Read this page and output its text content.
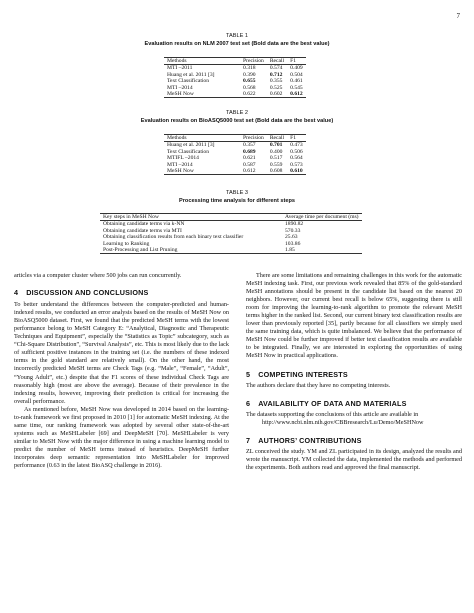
7
TABLE 1
Evaluation results on NLM 2007 test set (Bold data are the best value)
Methods	Precision	Recall	F1
MTI –2011	0.318	0.574	0.409
Huang et al. 2011 [3]	0.390	0.712	0.504
Text Classification	0.655	0.355	0.461
MTI –2014	0.568	0.525	0.545
MeSH Now	0.622	0.602	0.612
TABLE 2
Evaluation results on BioASQ5000 test set (Bold data are the best value)
Methods	Precision	Recall	F1
Huang et al. 2011 [3]	0.357	0.701	0.473
Text Classification	0.689	0.400	0.506
MTIFL –2014	0.621	0.517	0.564
MTI –2014	0.587	0.559	0.573
MeSH Now	0.612	0.608	0.610
TABLE 3
Processing time analysis for different steps
Key steps in MeSH Now	Average time per document (ms)
Obtaining candidate terms via k-NN	1890.82
Obtaining candidate terms via MTI	570.33
Obtaining classification results from each binary text classifier	25.63
Learning to Ranking	103.86
Post-Processing and List Pruning	1.85

articles via a computer cluster where 500 jobs can run concurrently.

4 DISCUSSION AND CONCLUSIONS

To better understand the differences between the computer-predicted and human-indexed results, we conducted an error analysis based on the results of MeSH Now on BioASQ5000 dataset. First, we found that the predicted MeSH terms with the lowest performance belong to MeSH Category E: “Analytical, Diagnostic and Therapeutic Techniques and Equipment”, especially the “Statistics as Topic” subcategory, such as “Chi-Square Distribution”, “Survival Analysis”, etc. This is most likely due to the lack of sufficient positive instances in the training set (i.e. the numbers of these indexed terms in the gold standard are relatively small). On the other hand, the most incorrectly predicted MeSH terms are Check Tags (e.g. “Male”, “Female”, “Adult”, “Young Adult”, etc.) despite that the F1 scores of these individual Check Tags are reasonably high (most are above the average). Because of their prevalence in the indexing results, however, improving their prediction is critical for increasing the overall performance.

As mentioned before, MeSH Now was developed in 2014 based on the learning-to-rank framework we first proposed in 2010 [1] for automatic MeSH indexing. At the same time, our ranking framework was adopted by several other state-of-the-art systems such as MeSHLabeler [69] and DeepMeSH [70]. MeSHLabeler is very similar to MeSH Now with the major difference in using a machine learning model to predict the number of MeSH terms instead of heuristics. DeepMeSH further incorporates deep semantic representation into MeSHLabeler for improved performance (0.63 in the latest BioASQ challenge in 2016).

There are some limitations and remaining challenges in this work for the automatic MeSH indexing task. First, our previous work revealed that 85% of the gold-standard MeSH annotations should be present in the candidate list based on the nearest 20 neighbors. However, our current best recall is below 65%, suggesting there is still room for improving the learning-to-rank algorithm to promote the relevant MeSH terms higher in the ranked list. Second, our current binary text classification results are lower than previously reported [35], partly because for all classifiers we simply used the same training data, which is quite imbalanced. We believe that the performance of MeSH Now could be further improved if better text classification results are available to be integrated. Finally, we are interested in exploring the opportunities of using MeSH Now in practical applications.

5 COMPETING INTERESTS

The authors declare that they have no competing interests.

6 AVAILABILITY OF DATA AND MATERIALS

The datasets supporting the conclusions of this article are available in

http://www.ncbi.nlm.nih.gov/CBBresearch/Lu/Demo/MeSHNow

7 AUTHORS’ CONTRIBUTIONS

ZL conceived the study. YM and ZL participated in its design, analyzed the results and wrote the manuscript. YM collected the data, implemented the methods and performed the experiments. Both authors read and approved the final manuscript.
